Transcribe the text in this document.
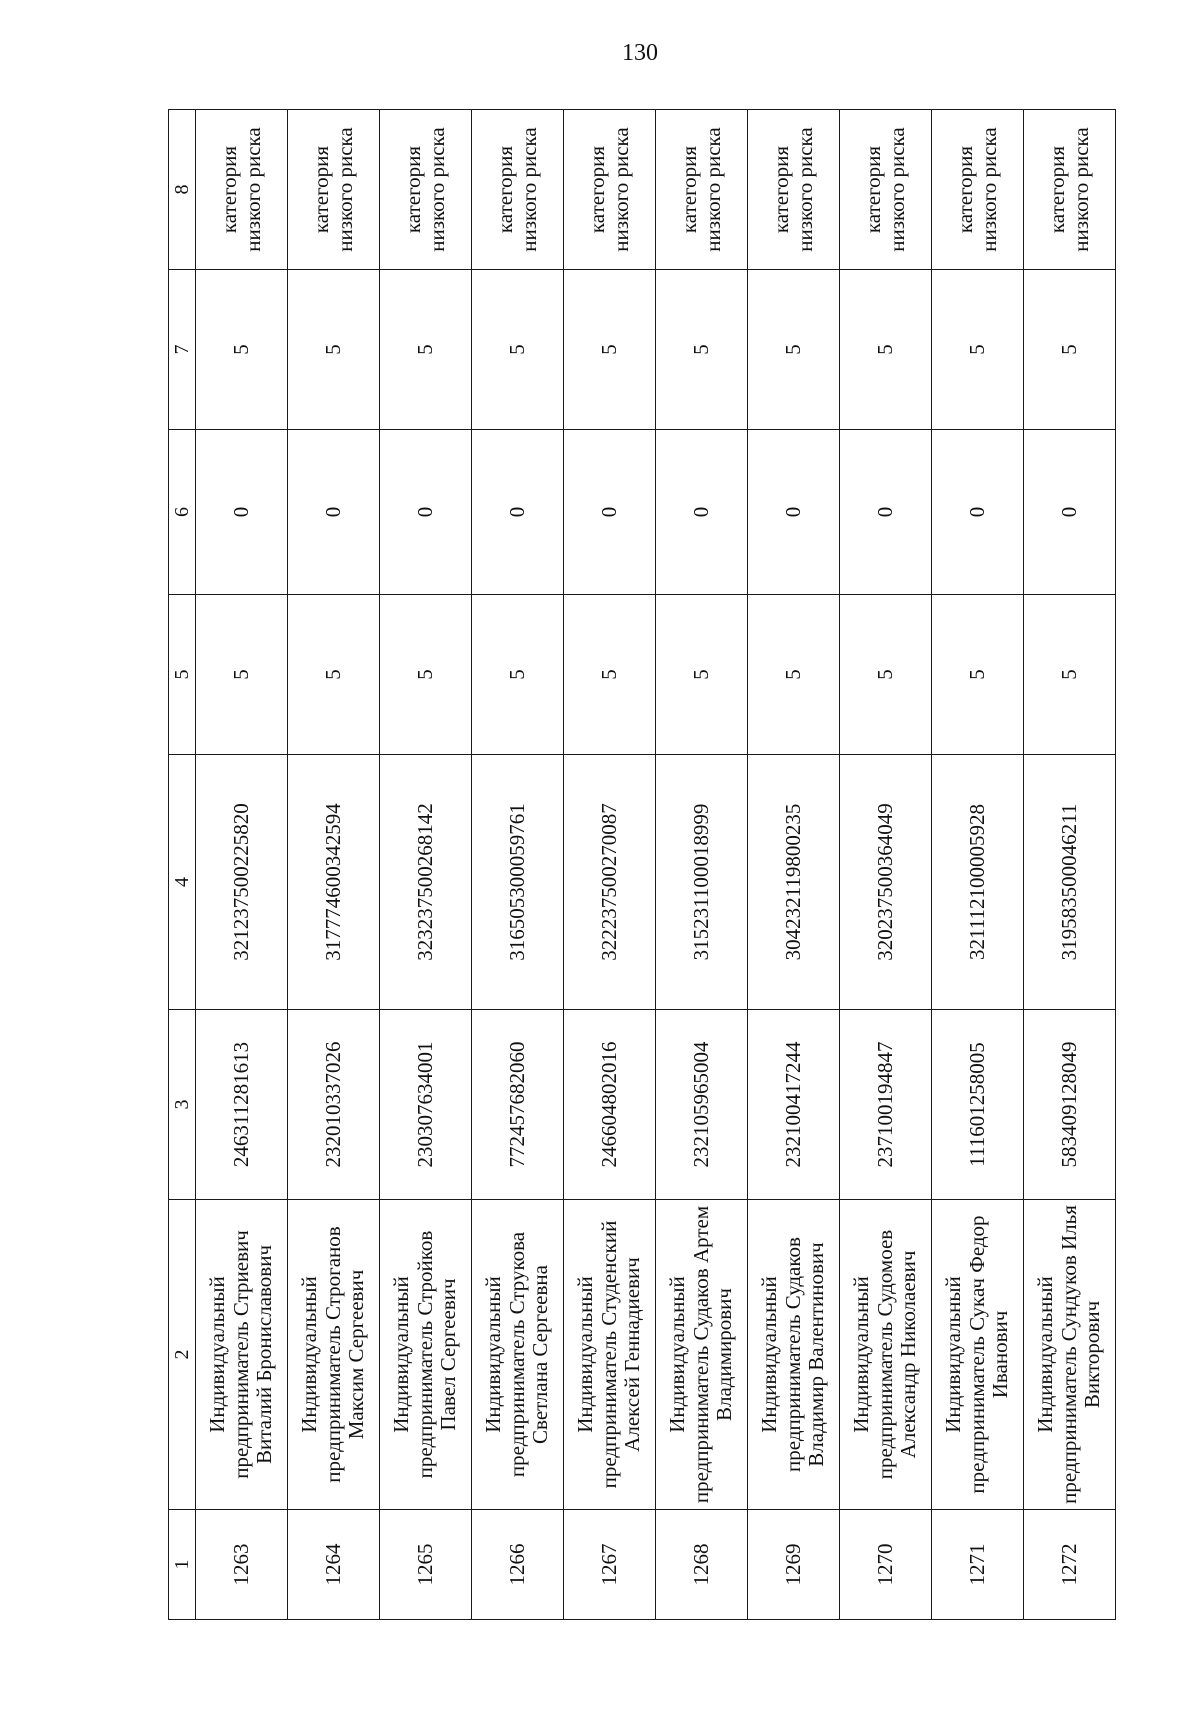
130
1	2	3	4	5	6	7	8
1263	Индивидуальный предприниматель Стриевич Виталий Брониславович	246311281613	321237500225820	5	0	5	категория низкого риска
1264	Индивидуальный предприниматель Строганов Максим Сергеевич	232010337026	317774600342594	5	0	5	категория низкого риска
1265	Индивидуальный предприниматель Стройков Павел Сергеевич	230307634001	323237500268142	5	0	5	категория низкого риска
1266	Индивидуальный предприниматель Струкова Светлана Сергеевна	772457682060	316505300059761	5	0	5	категория низкого риска
1267	Индивидуальный предприниматель Студенский Алексей Геннадиевич	246604802016	322237500270087	5	0	5	категория низкого риска
1268	Индивидуальный предприниматель Судаков Артем Владимирович	232105965004	315231100018999	5	0	5	категория низкого риска
1269	Индивидуальный предприниматель Судаков Владимир Валентинович	232100417244	304232119800235	5	0	5	категория низкого риска
1270	Индивидуальный предприниматель Судомоев Александр Николаевич	237100194847	320237500364049	5	0	5	категория низкого риска
1271	Индивидуальный предприниматель Сукач Федор Иванович	111601258005	321112100005928	5	0	5	категория низкого риска
1272	Индивидуальный предприниматель Сундуков Илья Викторович	583409128049	319583500046211	5	0	5	категория низкого риска
